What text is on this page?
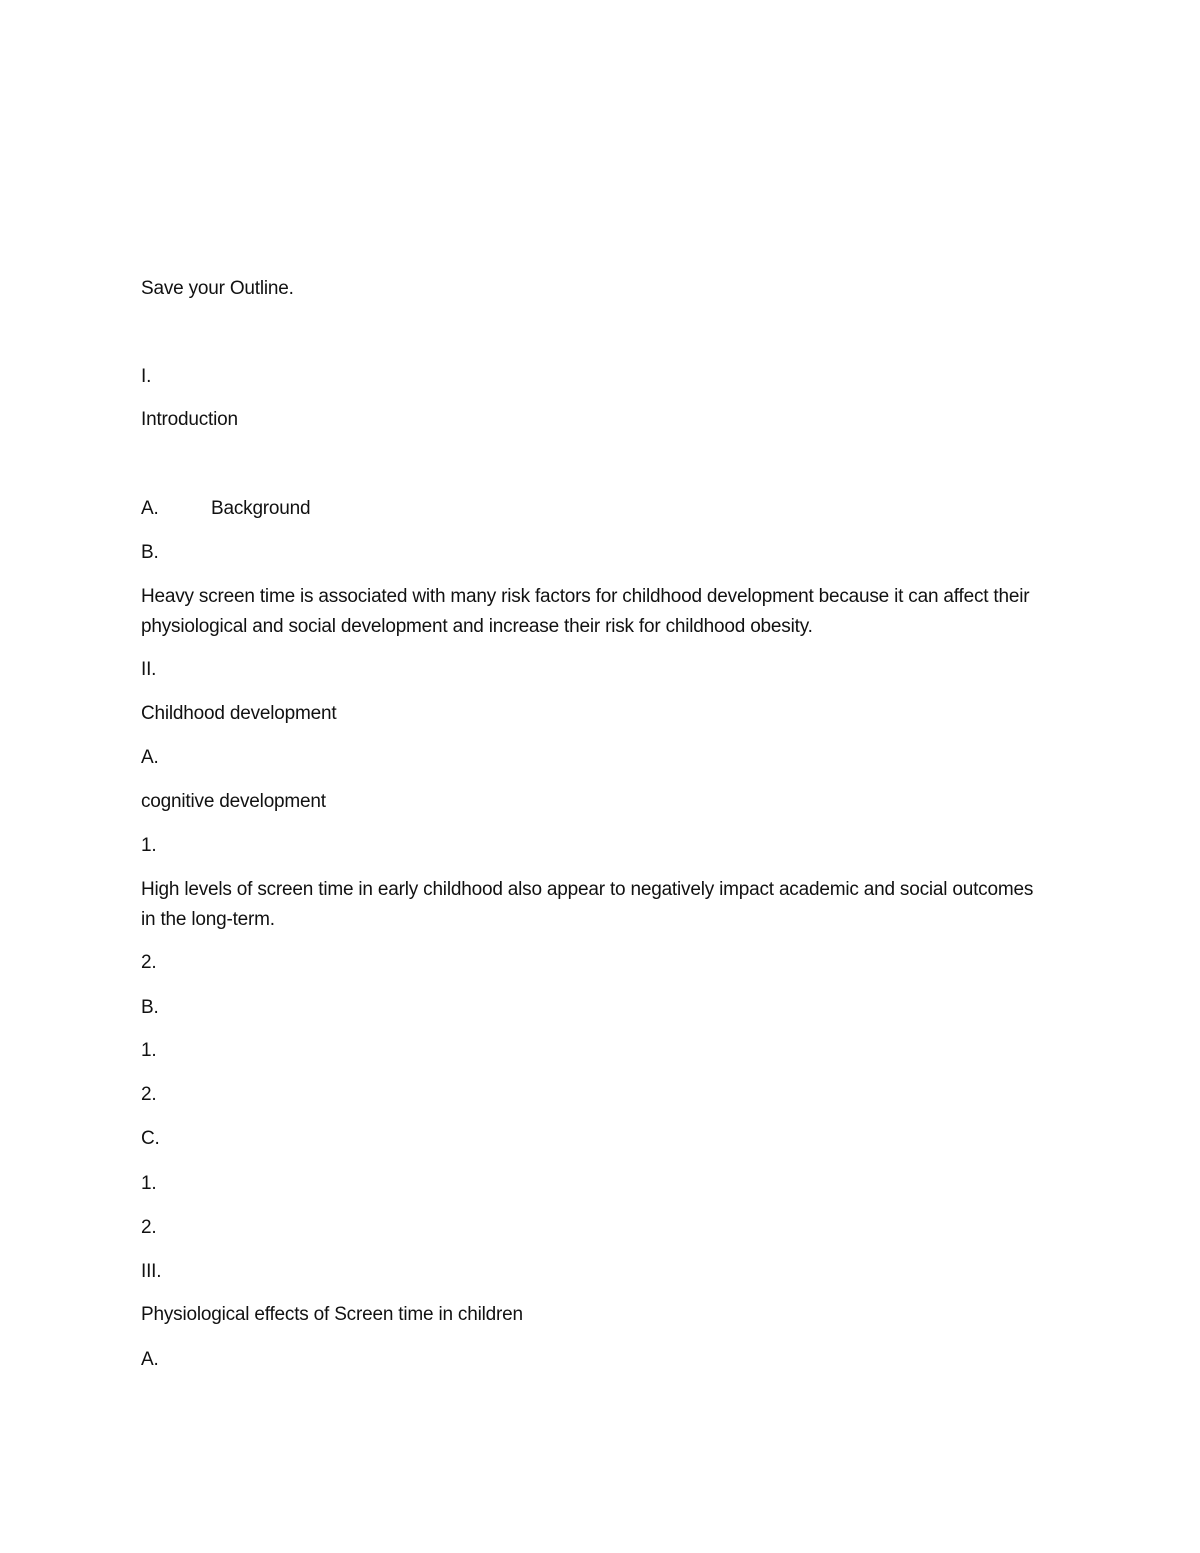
Save your Outline.
I.
Introduction
A.	Background
B.
Heavy screen time is associated with many risk factors for childhood development because it can affect their physiological and social development and increase their risk for childhood obesity.
II.
Childhood development
A.
cognitive development
1.
High levels of screen time in early childhood also appear to negatively impact academic and social outcomes in the long-term.
2.
B.
1.
2.
C.
1.
2.
III.
Physiological effects of Screen time in children
A.
